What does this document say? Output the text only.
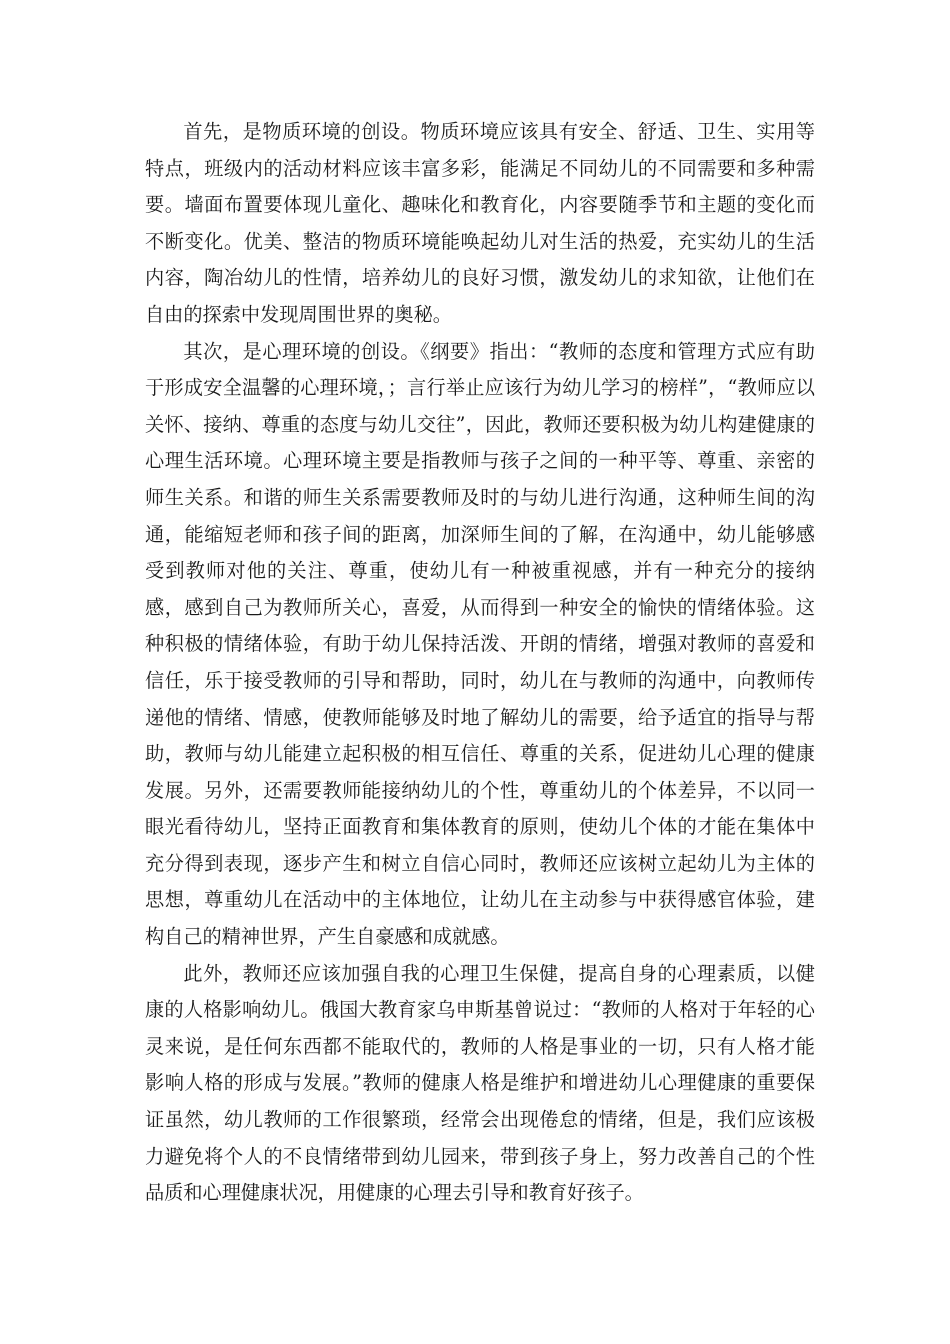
首先，是物质环境的创设。物质环境应该具有安全、舒适、卫生、实用等特点，班级内的活动材料应该丰富多彩，能满足不同幼儿的不同需要和多种需要。墙面布置要体现儿童化、趣味化和教育化，内容要随季节和主题的变化而不断变化。优美、整洁的物质环境能唤起幼儿对生活的热爱，充实幼儿的生活内容，陶冶幼儿的性情，培养幼儿的良好习惯，激发幼儿的求知欲，让他们在自由的探索中发现周围世界的奥秘。

其次，是心理环境的创设。《纲要》指出：“教师的态度和管理方式应有助于形成安全温馨的心理环境，；言行举止应该行为幼儿学习的榜样”，“教师应以关怀、接纳、尊重的态度与幼儿交往”，因此，教师还要积极为幼儿构建健康的心理生活环境。心理环境主要是指教师与孩子之间的一种平等、尊重、亲密的师生关系。和谐的师生关系需要教师及时的与幼儿进行沟通，这种师生间的沟通，能缩短老师和孩子间的距离，加深师生间的了解，在沟通中，幼儿能够感受到教师对他的关注、尊重，使幼儿有一种被重视感，并有一种充分的接纳感，感到自己为教师所关心，喜爱，从而得到一种安全的愉快的情绪体验。这种积极的情绪体验，有助于幼儿保持活泼、开朗的情绪，增强对教师的喜爱和信任，乐于接受教师的引导和帮助，同时，幼儿在与教师的沟通中，向教师传递他的情绪、情感，使教师能够及时地了解幼儿的需要，给予适宜的指导与帮助，教师与幼儿能建立起积极的相互信任、尊重的关系，促进幼儿心理的健康发展。另外，还需要教师能接纳幼儿的个性，尊重幼儿的个体差异，不以同一眼光看待幼儿，坚持正面教育和集体教育的原则，使幼儿个体的才能在集体中充分得到表现，逐步产生和树立自信心同时，教师还应该树立起幼儿为主体的思想，尊重幼儿在活动中的主体地位，让幼儿在主动参与中获得感官体验，建构自己的精神世界，产生自豪感和成就感。

此外，教师还应该加强自我的心理卫生保健，提高自身的心理素质，以健康的人格影响幼儿。俄国大教育家乌申斯基曾说过：“教师的人格对于年轻的心灵来说，是任何东西都不能取代的，教师的人格是事业的一切，只有人格才能影响人格的形成与发展。”教师的健康人格是维护和增进幼儿心理健康的重要保证虽然，幼儿教师的工作很繁琐，经常会出现倦怠的情绪，但是，我们应该极力避免将个人的不良情绪带到幼儿园来，带到孩子身上，努力改善自己的个性品质和心理健康状况，用健康的心理去引导和教育好孩子。
